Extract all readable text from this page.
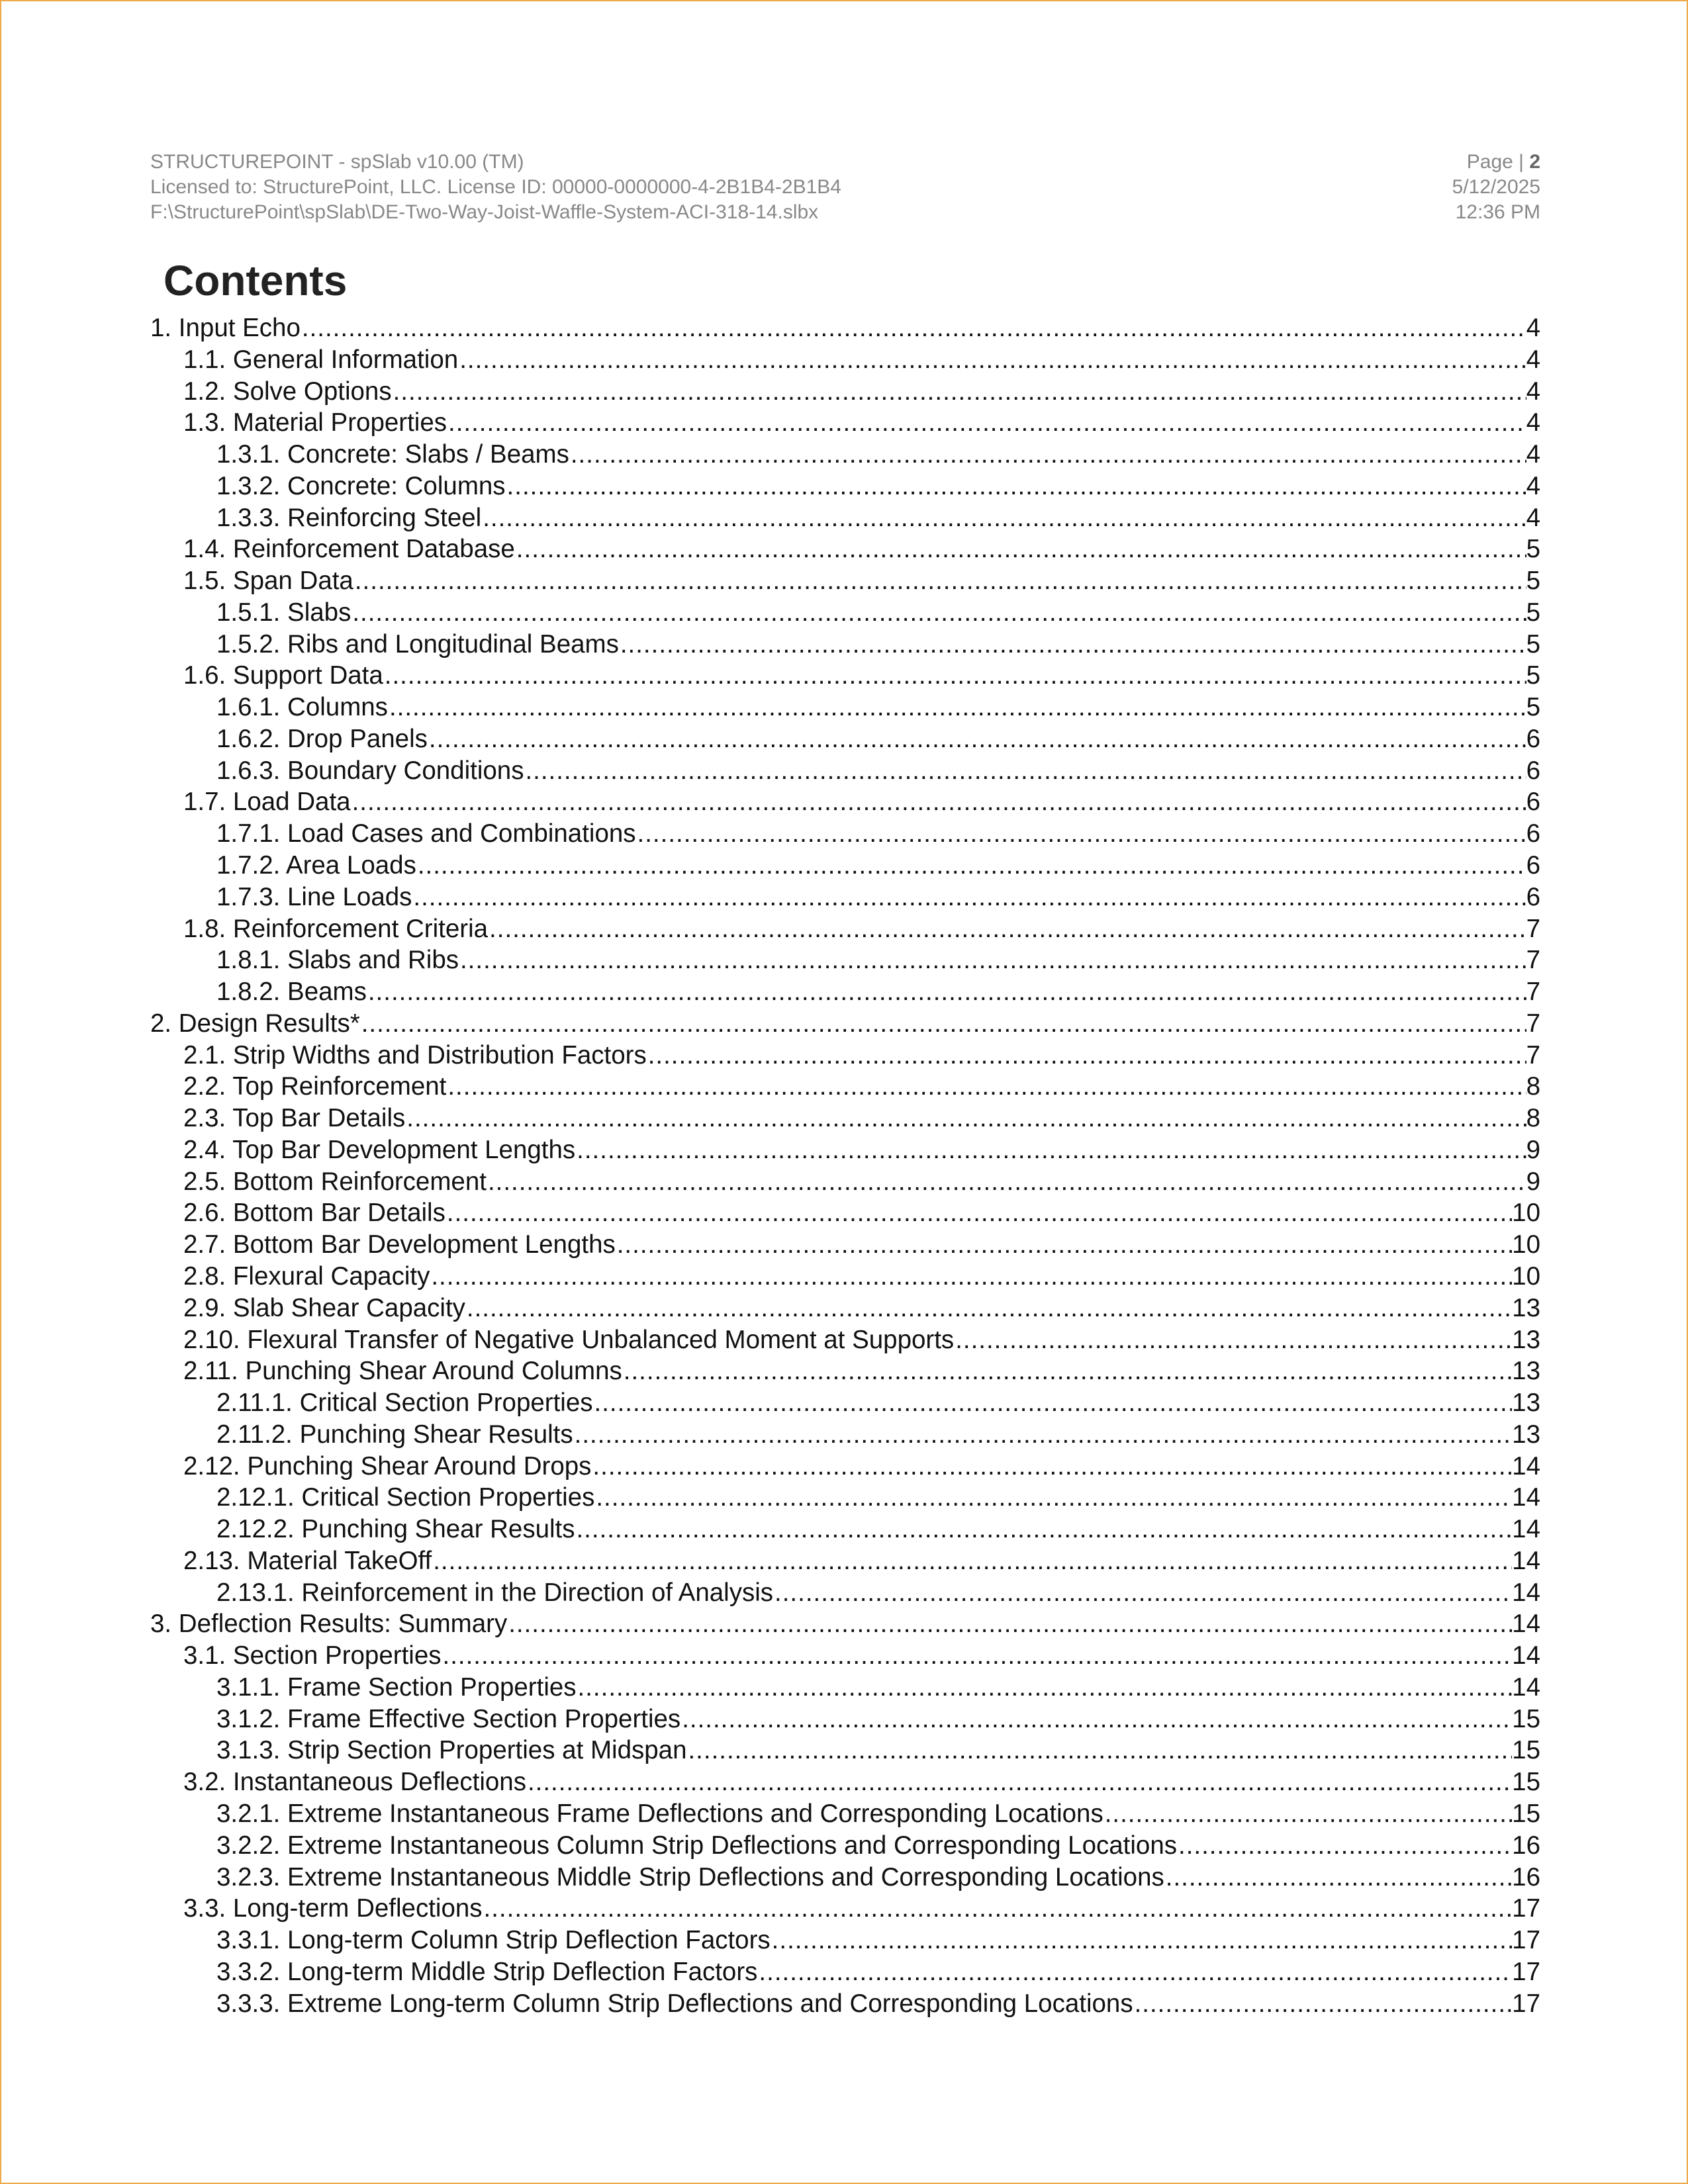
STRUCTUREPOINT - spSlab v10.00 (TM)
Licensed to: StructurePoint, LLC. License ID: 00000-0000000-4-2B1B4-2B1B4
F:\StructurePoint\spSlab\DE-Two-Way-Joist-Waffle-System-ACI-318-14.slbx
Page | 2
5/12/2025
12:36 PM
Contents
1. Input Echo .....	4
1.1. General Information .....	4
1.2. Solve Options .....	4
1.3. Material Properties .....	4
1.3.1. Concrete: Slabs / Beams .....	4
1.3.2. Concrete: Columns .....	4
1.3.3. Reinforcing Steel .....	4
1.4. Reinforcement Database .....	5
1.5. Span Data .....	5
1.5.1. Slabs .....	5
1.5.2. Ribs and Longitudinal Beams .....	5
1.6. Support Data .....	5
1.6.1. Columns .....	5
1.6.2. Drop Panels .....	6
1.6.3. Boundary Conditions .....	6
1.7. Load Data .....	6
1.7.1. Load Cases and Combinations .....	6
1.7.2. Area Loads .....	6
1.7.3. Line Loads .....	6
1.8. Reinforcement Criteria .....	7
1.8.1. Slabs and Ribs .....	7
1.8.2. Beams .....	7
2. Design Results* .....	7
2.1. Strip Widths and Distribution Factors .....	7
2.2. Top Reinforcement .....	8
2.3. Top Bar Details .....	8
2.4. Top Bar Development Lengths .....	9
2.5. Bottom Reinforcement .....	9
2.6. Bottom Bar Details .....	10
2.7. Bottom Bar Development Lengths .....	10
2.8. Flexural Capacity .....	10
2.9. Slab Shear Capacity .....	13
2.10. Flexural Transfer of Negative Unbalanced Moment at Supports .....	13
2.11. Punching Shear Around Columns .....	13
2.11.1. Critical Section Properties .....	13
2.11.2. Punching Shear Results .....	13
2.12. Punching Shear Around Drops .....	14
2.12.1. Critical Section Properties .....	14
2.12.2. Punching Shear Results .....	14
2.13. Material TakeOff .....	14
2.13.1. Reinforcement in the Direction of Analysis .....	14
3. Deflection Results: Summary .....	14
3.1. Section Properties .....	14
3.1.1. Frame Section Properties .....	14
3.1.2. Frame Effective Section Properties .....	15
3.1.3. Strip Section Properties at Midspan .....	15
3.2. Instantaneous Deflections .....	15
3.2.1. Extreme Instantaneous Frame Deflections and Corresponding Locations .....	15
3.2.2. Extreme Instantaneous Column Strip Deflections and Corresponding Locations .....	16
3.2.3. Extreme Instantaneous Middle Strip Deflections and Corresponding Locations .....	16
3.3. Long-term Deflections .....	17
3.3.1. Long-term Column Strip Deflection Factors .....	17
3.3.2. Long-term Middle Strip Deflection Factors .....	17
3.3.3. Extreme Long-term Column Strip Deflections and Corresponding Locations .....	17
